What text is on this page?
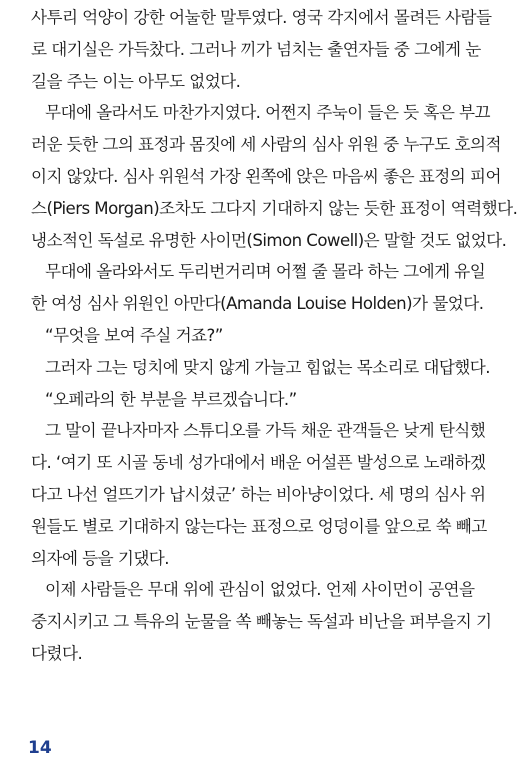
사투리 억양이 강한 어눌한 말투였다. 영국 각지에서 몰려든 사람들
로 대기실은 가득찼다. 그러나 끼가 넘치는 출연자들 중 그에게 눈
길을 주는 이는 아무도 없었다.
무대에 올라서도 마찬가지였다. 어쩐지 주눅이 들은 듯 혹은 부끄
러운 듯한 그의 표정과 몸짓에 세 사람의 심사 위원 중 누구도 호의적
이지 않았다. 심사 위원석 가장 왼쪽에 앉은 마음씨 좋은 표정의 피어
스(Piers Morgan)조차도 그다지 기대하지 않는 듯한 표정이 역력했다.
냉소적인 독설로 유명한 사이먼(Simon Cowell)은 말할 것도 없었다.
무대에 올라와서도 두리번거리며 어쩔 줄 몰라 하는 그에게 유일
한 여성 심사 위원인 아만다(Amanda Louise Holden)가 물었다.
“무엇을 보여 주실 거죠?”
그러자 그는 덩치에 맞지 않게 가늘고 힘없는 목소리로 대답했다.
“오페라의 한 부분을 부르겠습니다.”
그 말이 끝나자마자 스튜디오를 가득 채운 관객들은 낮게 탄식했
다. ‘여기 또 시골 동네 성가대에서 배운 어설픈 발성으로 노래하겠
다고 나선 얼뜨기가 납시셨군’ 하는 비아냥이었다. 세 명의 심사 위
원들도 별로 기대하지 않는다는 표정으로 엉덩이를 앞으로 쑥 빼고
의자에 등을 기댔다.
이제 사람들은 무대 위에 관심이 없었다. 언제 사이먼이 공연을
중지시키고 그 특유의 눈물을 쏙 빼놓는 독설과 비난을 퍼부을지 기
다렸다.
14
